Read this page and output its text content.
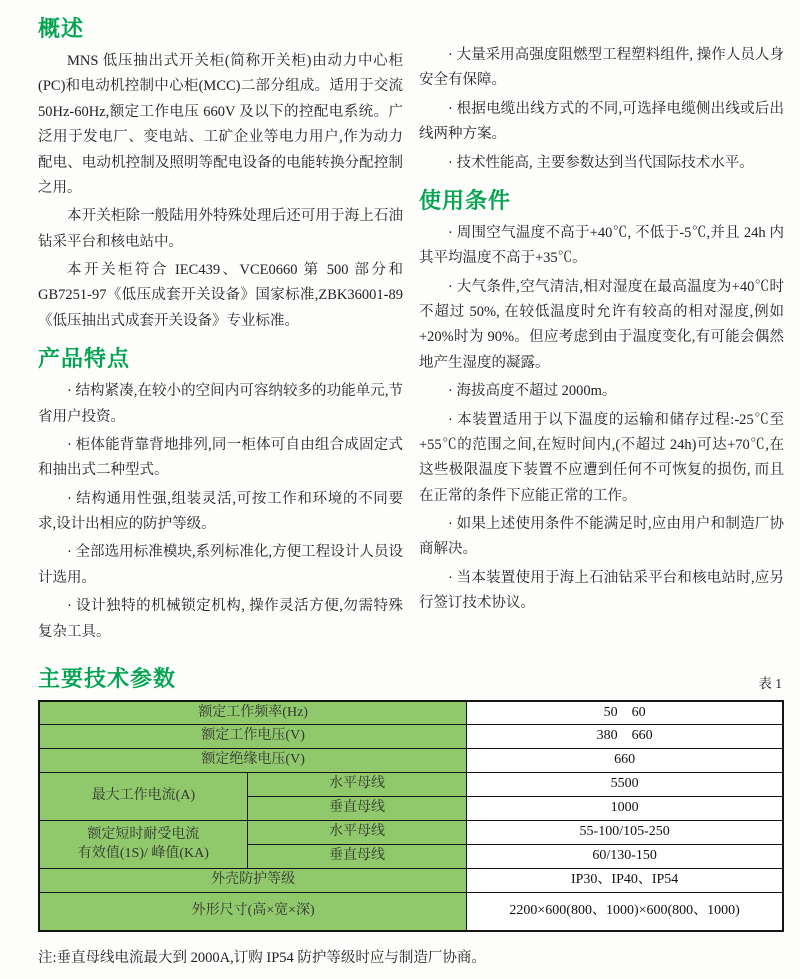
概述

MNS 低压抽出式开关柜(简称开关柜)由动力中心柜(PC)和电动机控制中心柜(MCC)二部分组成。适用于交流 50Hz-60Hz,额定工作电压 660V 及以下的控配电系统。广泛用于发电厂、变电站、工矿企业等电力用户,作为动力配电、电动机控制及照明等配电设备的电能转换分配控制之用。

本开关柜除一般陆用外特殊处理后还可用于海上石油钻采平台和核电站中。

本开关柜符合 IEC439、VCE0660 第 500 部分和 GB7251-97《低压成套开关设备》国家标准,ZBK36001-89《低压抽出式成套开关设备》专业标准。

产品特点

· 结构紧凑,在较小的空间内可容纳较多的功能单元,节省用户投资。

· 柜体能背靠背地排列,同一柜体可自由组合成固定式和抽出式二种型式。

· 结构通用性强,组装灵活,可按工作和环境的不同要求,设计出相应的防护等级。

· 全部选用标准模块,系列标准化,方便工程设计人员设计选用。

· 设计独特的机械锁定机构, 操作灵活方便,勿需特殊复杂工具。

· 大量采用高强度阻燃型工程塑料组件, 操作人员人身安全有保障。

· 根据电缆出线方式的不同,可选择电缆侧出线或后出线两种方案。

· 技术性能高, 主要参数达到当代国际技术水平。

使用条件

· 周围空气温度不高于+40℃, 不低于-5℃,并且 24h 内其平均温度不高于+35℃。

· 大气条件,空气清洁,相对湿度在最高温度为+40℃时不超过 50%, 在较低温度时允许有较高的相对湿度,例如+20%时为 90%。但应考虑到由于温度变化,有可能会偶然地产生湿度的凝露。

· 海拔高度不超过 2000m。

· 本装置适用于以下温度的运输和储存过程:-25℃至+55℃的范围之间,在短时间内,(不超过 24h)可达+70℃,在这些极限温度下装置不应遭到任何不可恢复的损伤, 而且在正常的条件下应能正常的工作。

· 如果上述使用条件不能满足时,应由用户和制造厂协商解决。

· 当本装置使用于海上石油钻采平台和核电站时,应另行签订技术协议。

主要技术参数	表 1
额定工作频率(Hz)		50    60
额定工作电压(V)		380    660
额定绝缘电压(V)		660
最大工作电流(A)	水平母线	5500
	垂直母线	1000

额定短时耐受电流
有效值(1S)/ 峰值(KA)	水平母线	55-100/105-250
	垂直母线	60/130-150
外壳防护等级		IP30、IP40、IP54
外形尺寸(高×宽×深)		2200×600(800、1000)×600(800、1000)

注:垂直母线电流最大到 2000A,订购 IP54 防护等级时应与制造厂协商。
